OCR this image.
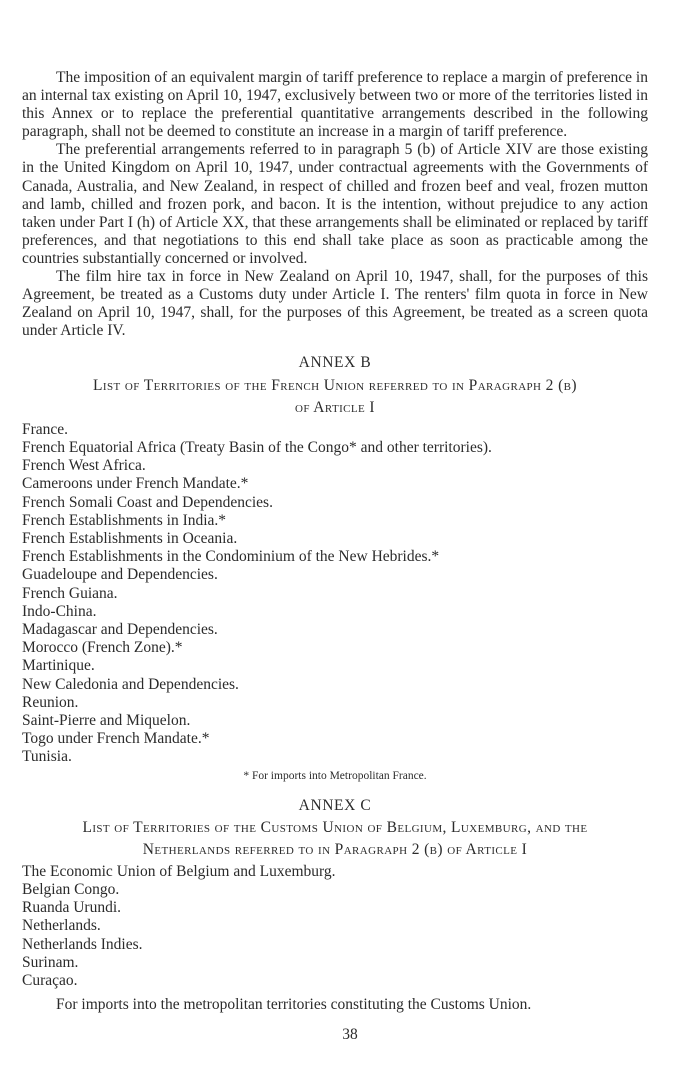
The imposition of an equivalent margin of tariff preference to replace a margin of preference in an internal tax existing on April 10, 1947, exclusively between two or more of the territories listed in this Annex or to replace the preferential quantitative arrangements described in the following paragraph, shall not be deemed to constitute an increase in a margin of tariff preference.

The preferential arrangements referred to in paragraph 5 (b) of Article XIV are those existing in the United Kingdom on April 10, 1947, under contractual agreements with the Governments of Canada, Australia, and New Zealand, in respect of chilled and frozen beef and veal, frozen mutton and lamb, chilled and frozen pork, and bacon. It is the intention, without prejudice to any action taken under Part I (h) of Article XX, that these arrangements shall be eliminated or replaced by tariff preferences, and that negotiations to this end shall take place as soon as practicable among the countries substantially concerned or involved.

The film hire tax in force in New Zealand on April 10, 1947, shall, for the purposes of this Agreement, be treated as a Customs duty under Article I. The renters' film quota in force in New Zealand on April 10, 1947, shall, for the purposes of this Agreement, be treated as a screen quota under Article IV.

ANNEX B
List of Territories of the French Union referred to in Paragraph 2 (b)
of Article I
France.
French Equatorial Africa (Treaty Basin of the Congo* and other territories).
French West Africa.
Cameroons under French Mandate.*
French Somali Coast and Dependencies.
French Establishments in India.*
French Establishments in Oceania.
French Establishments in the Condominium of the New Hebrides.*
Guadeloupe and Dependencies.
French Guiana.
Indo-China.
Madagascar and Dependencies.
Morocco (French Zone).*
Martinique.
New Caledonia and Dependencies.
Reunion.
Saint-Pierre and Miquelon.
Togo under French Mandate.*
Tunisia.
* For imports into Metropolitan France.
ANNEX C
List of Territories of the Customs Union of Belgium, Luxemburg, and the
Netherlands referred to in Paragraph 2 (b) of Article I
The Economic Union of Belgium and Luxemburg.
Belgian Congo.
Ruanda Urundi.
Netherlands.
Netherlands Indies.
Surinam.
Curaçao.

For imports into the metropolitan territories constituting the Customs Union.

38
